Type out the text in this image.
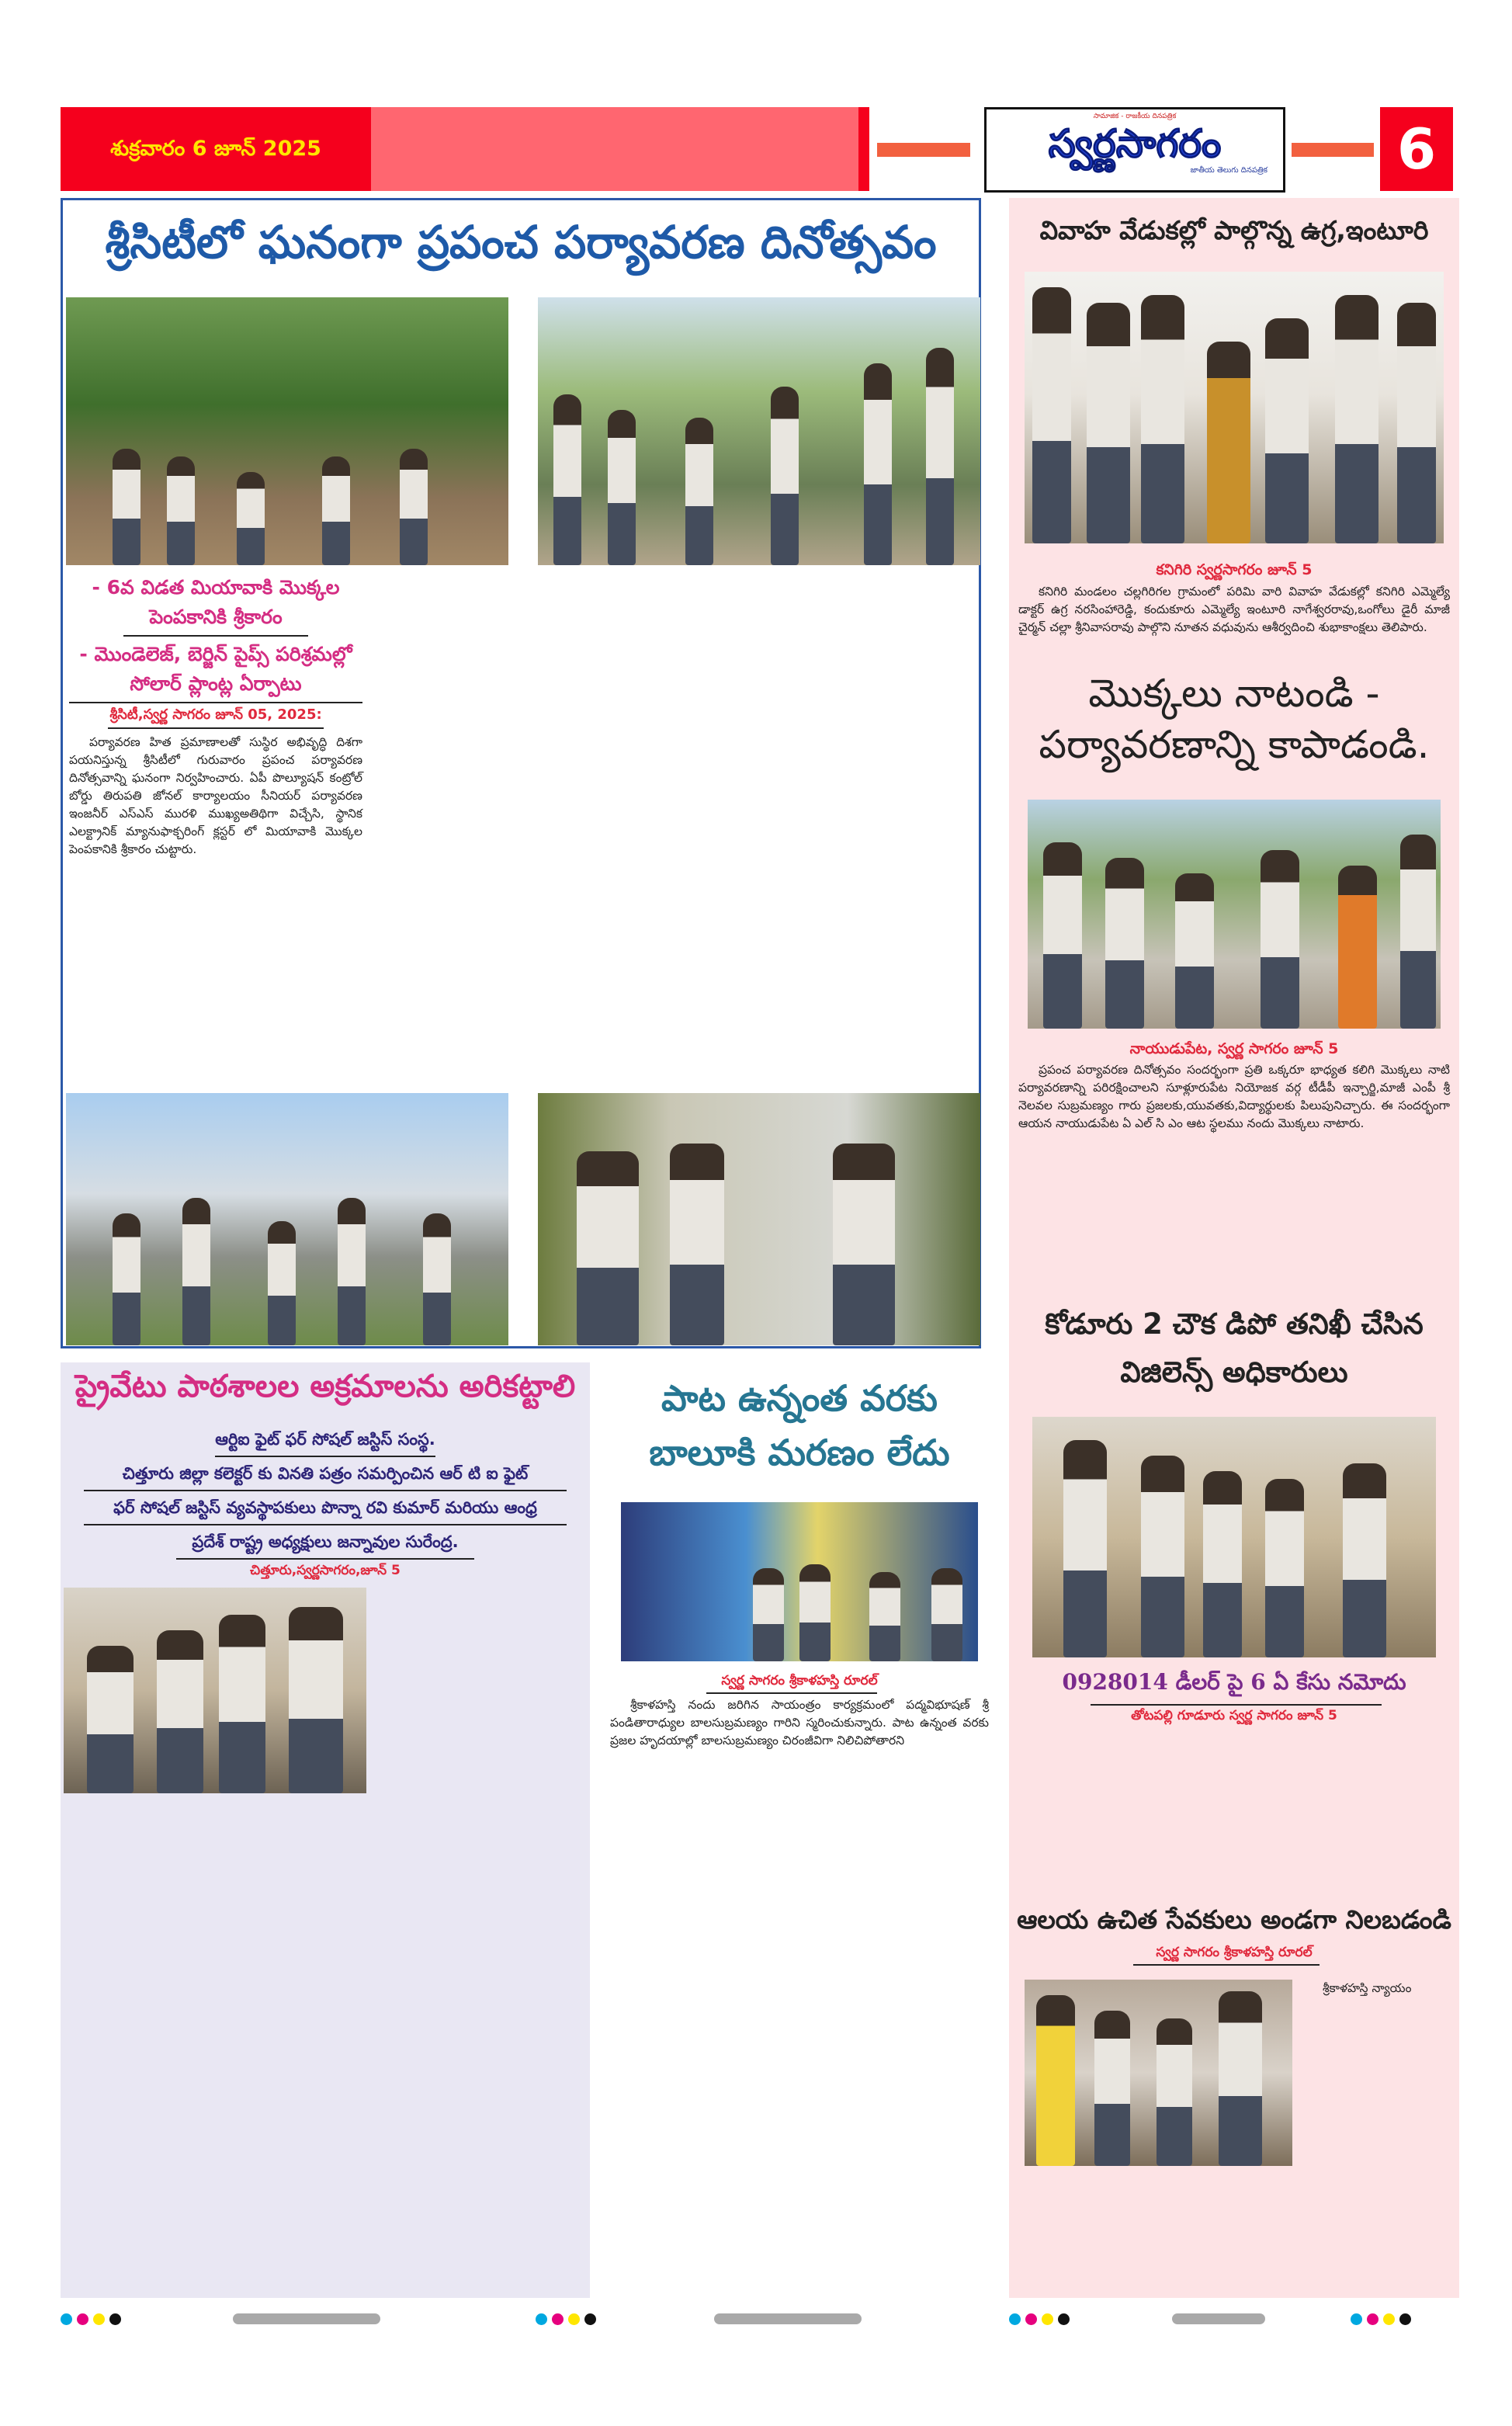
శుక్రవారం 6 జూన్ 2025
సామాజిక - రాజకీయ దినపత్రిక
స్వర్ణసాగరం
జాతీయ తెలుగు దినపత్రిక	6
శ్రీసిటీలో ఘనంగా ప్రపంచ పర్యావరణ దినోత్సవం
- 6వ విడత మియావాకి మొక్కల పెంపకానికి శ్రీకారం
- మొండెలెజ్, బెర్జిన్ పైప్స్ పరిశ్రమల్లో సోలార్ ప్లాంట్ల ఏర్పాటు
శ్రీసిటీ,స్వర్ణ సాగరం జూన్ 05, 2025:
పర్యావరణ హిత ప్రమాణాలతో సుస్థిర అభివృద్ధి దిశగా పయనిస్తున్న శ్రీసిటీలో గురువారం ప్రపంచ పర్యావరణ దినోత్సవాన్ని ఘనంగా నిర్వహించారు. ఏపీ పొల్యూషన్ కంట్రోల్ బోర్డు తిరుపతి జోనల్ కార్యాలయం సీనియర్ పర్యావరణ ఇంజనీర్ ఎస్ఎస్ మురళి ముఖ్యఅతిథిగా విచ్చేసి, స్థానిక ఎలక్ట్రానిక్ మ్యానుఫాక్చరింగ్ క్లస్టర్ లో మియావాకి మొక్కల పెంపకానికి శ్రీకారం చుట్టారు.
వివాహ వేడుకల్లో పాల్గొన్న ఉగ్ర,ఇంటూరి
కనిగిరి స్వర్ణసాగరం జూన్ 5
కనిగిరి మండలం చల్లగిరిగల గ్రామంలో పరిమి వారి వివాహ వేడుకల్లో కనిగిరి ఎమ్మెల్యే డాక్టర్ ఉగ్ర నరసింహారెడ్డి, కందుకూరు ఎమ్మెల్యే ఇంటూరి నాగేశ్వరరావు,ఒంగోలు డైరీ మాజీ చైర్మన్ చల్లా శ్రీనివాసరావు పాల్గొని నూతన వధువును ఆశీర్వదించి శుభాకాంక్షలు తెలిపారు.
మొక్కలు నాటండి -
పర్యావరణాన్ని కాపాడండి.
నాయుడుపేట, స్వర్ణ సాగరం జూన్ 5
ప్రపంచ పర్యావరణ దినోత్సవం సందర్భంగా ప్రతి ఒక్కరూ భాధ్యత కలిగి మొక్కలు నాటి పర్యావరణాన్ని పరిరక్షించాలని సూళ్లూరుపేట నియోజక వర్గ టీడీపీ ఇన్చార్జి,మాజీ ఎంపీ శ్రీ నెలవల సుబ్రమణ్యం గారు ప్రజలకు,యువతకు,విద్యార్థులకు పిలుపునిచ్చారు. ఈ సందర్భంగా ఆయన నాయుడుపేట ఏ ఎల్ సి ఎం ఆట స్థలము నందు మొక్కలు నాటారు.
కోడూరు 2 చౌక డిపో తనిఖీ చేసిన
విజిలెన్స్ అధికారులు
0928014 డీలర్ పై 6 ఏ కేసు నమోదు
తోటపల్లి గూడూరు స్వర్ణ సాగరం జూన్ 5
ఆలయ ఉచిత సేవకులు అండగా నిలబడండి
స్వర్ణ సాగరం శ్రీకాళహస్తి రూరల్
శ్రీకాళహస్తి న్యాయం
ప్రైవేటు పాఠశాలల అక్రమాలను అరికట్టాలి
ఆర్టిఐ ఫైట్ ఫర్ సోషల్ జస్టిస్ సంస్థ.
చిత్తూరు జిల్లా కలెక్టర్ కు వినతి పత్రం సమర్పించిన ఆర్ టి ఐ ఫైట్
ఫర్ సోషల్ జస్టిస్ వ్యవస్థాపకులు పొన్నా రవి కుమార్ మరియు ఆంధ్ర
ప్రదేశ్ రాష్ట్ర అధ్యక్షులు జన్నావుల సురేంద్ర.
చిత్తూరు,స్వర్ణసాగరం,జూన్ 5
పాట ఉన్నంత వరకు
బాలూకి మరణం లేదు
స్వర్ణ సాగరం శ్రీకాళహస్తి రూరల్
శ్రీకాళహస్తి నందు జరిగిన సాయంత్రం కార్యక్రమంలో పద్మవిభూషణ్ శ్రీ పండితారాధ్యుల బాలసుబ్రమణ్యం గారిని స్మరించుకున్నారు. పాట ఉన్నంత వరకు ప్రజల హృదయాల్లో బాలసుబ్రమణ్యం చిరంజీవిగా నిలిచిపోతారని
